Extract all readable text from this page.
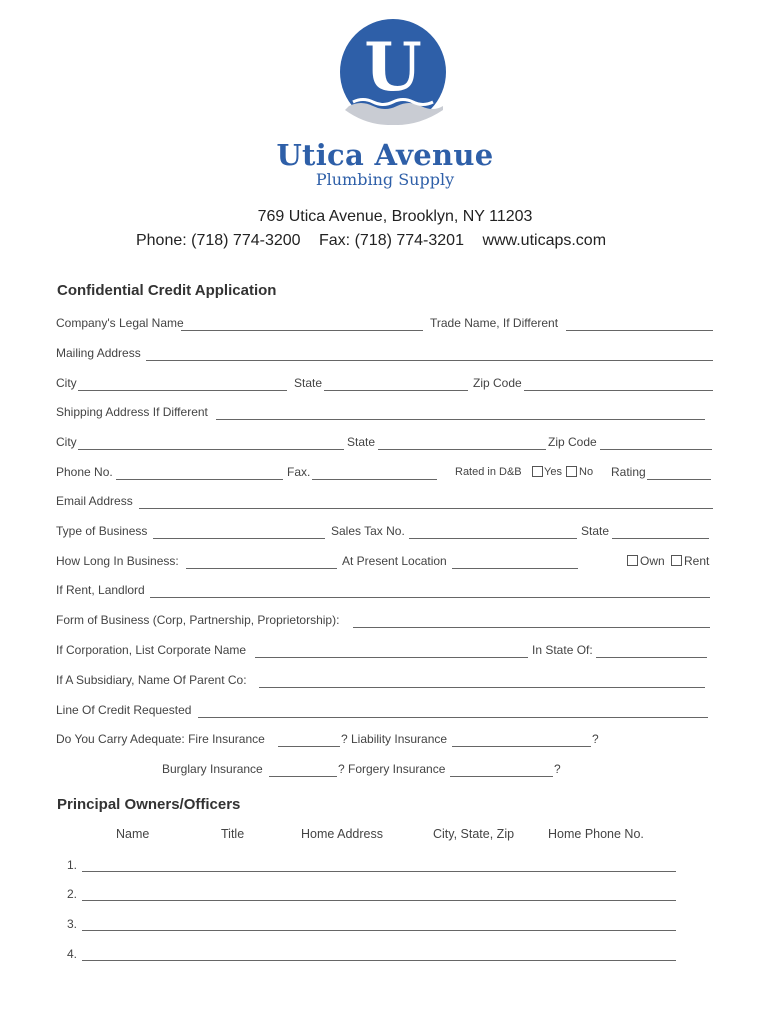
U
Utica Avenue
Plumbing Supply
769 Utica Avenue, Brooklyn, NY 11203
Phone: (718) 774-3200 Fax: (718) 774-3201 www.uticaps.com
Confidential Credit Application
Company's Legal Name	Trade Name, If Different
Mailing Address
City	State	Zip Code
Shipping Address If Different
City	State	Zip Code
Phone No.	Fax.	Rated in D&B Yes No Rating
Email Address
Type of Business	Sales Tax No.	State
How Long In Business:	At Present Location	Own Rent
If Rent, Landlord
Form of Business (Corp, Partnership, Proprietorship):
If Corporation, List Corporate Name	In State Of:
If A Subsidiary, Name Of Parent Co:
Line Of Credit Requested
Do You Carry Adequate: Fire Insurance	? Liability Insurance	?
Burglary Insurance	? Forgery Insurance	?
Principal Owners/Officers
Name	Title	Home Address	City, State, Zip	Home Phone No.
1.
2.
3.
4.
